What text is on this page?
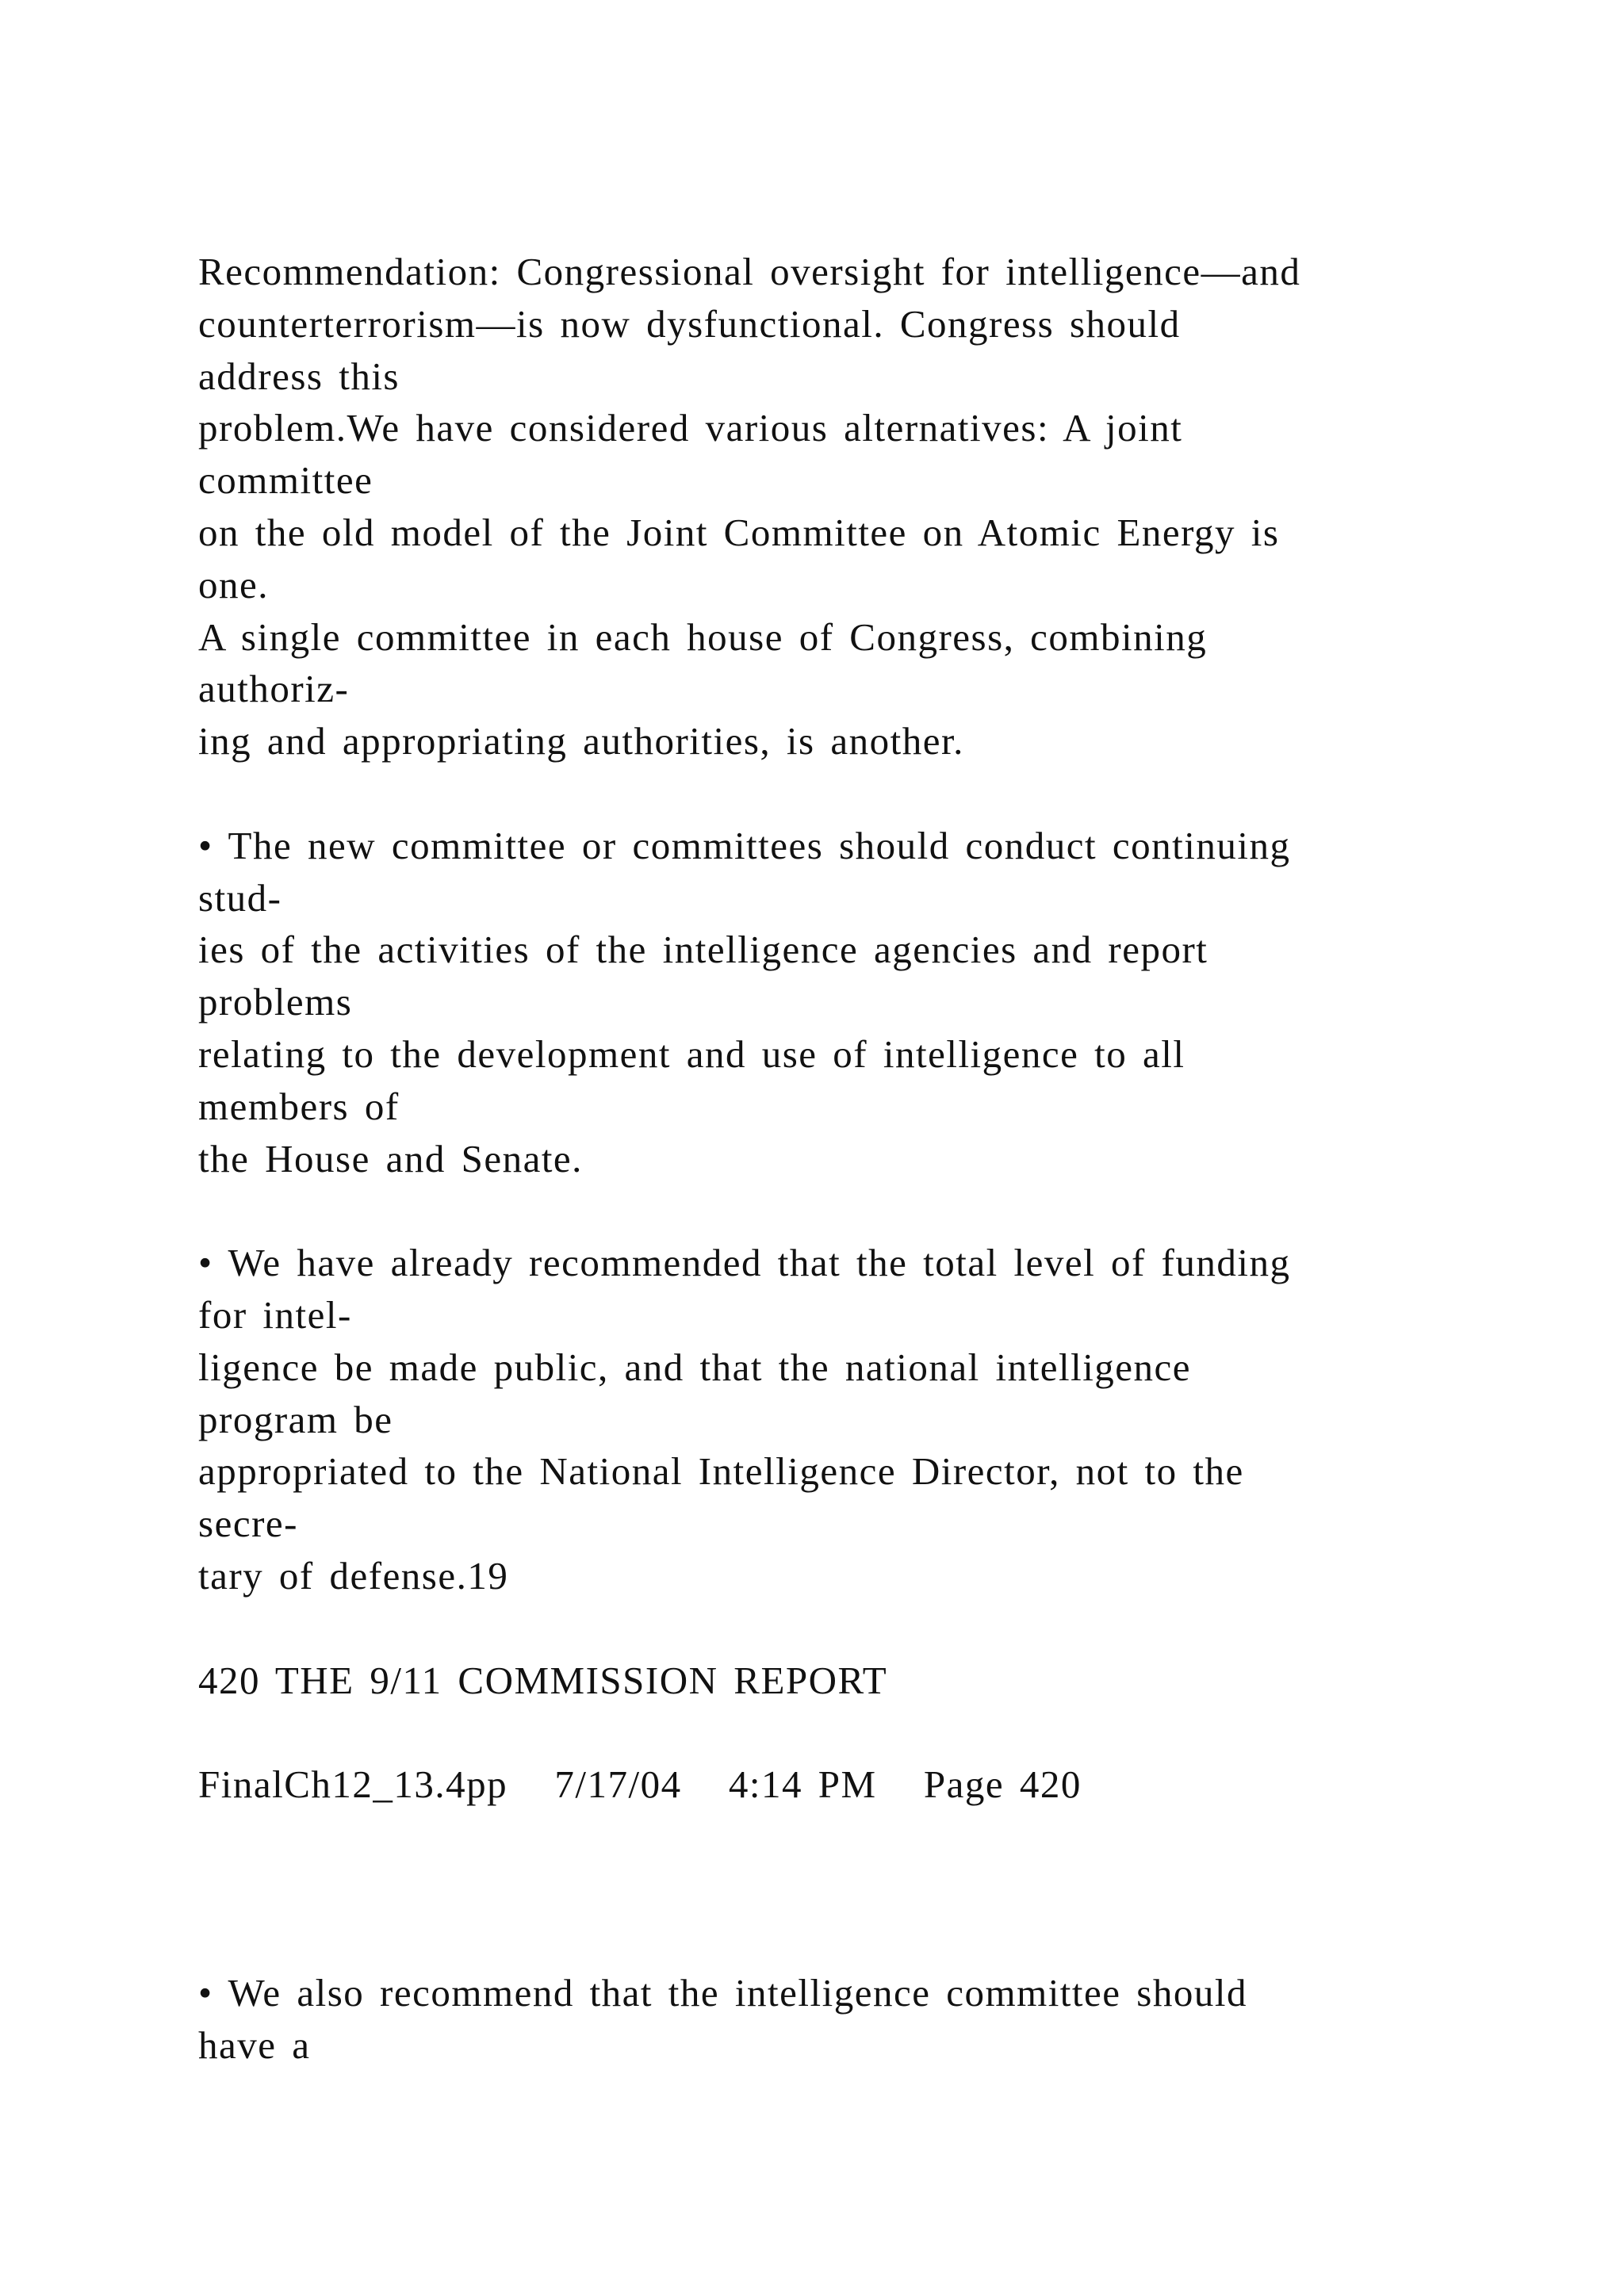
Recommendation: Congressional oversight for intelligence—and
counterterrorism—is now dysfunctional. Congress should
address this
problem.We have considered various alternatives: A joint
committee
on the old model of the Joint Committee on Atomic Energy is
one.
A single committee in each house of Congress, combining
authoriz-
ing and appropriating authorities, is another.
• The new committee or committees should conduct continuing
stud-
ies of the activities of the intelligence agencies and report
problems
relating to the development and use of intelligence to all
members of
the House and Senate.
• We have already recommended that the total level of funding
for intel-
ligence be made public, and that the national intelligence
program be
appropriated to the National Intelligence Director, not to the
secre-
tary of defense.19
420 THE 9/11 COMMISSION REPORT
FinalCh12_13.4pp   7/17/04   4:14 PM   Page 420
• We also recommend that the intelligence committee should
have a
